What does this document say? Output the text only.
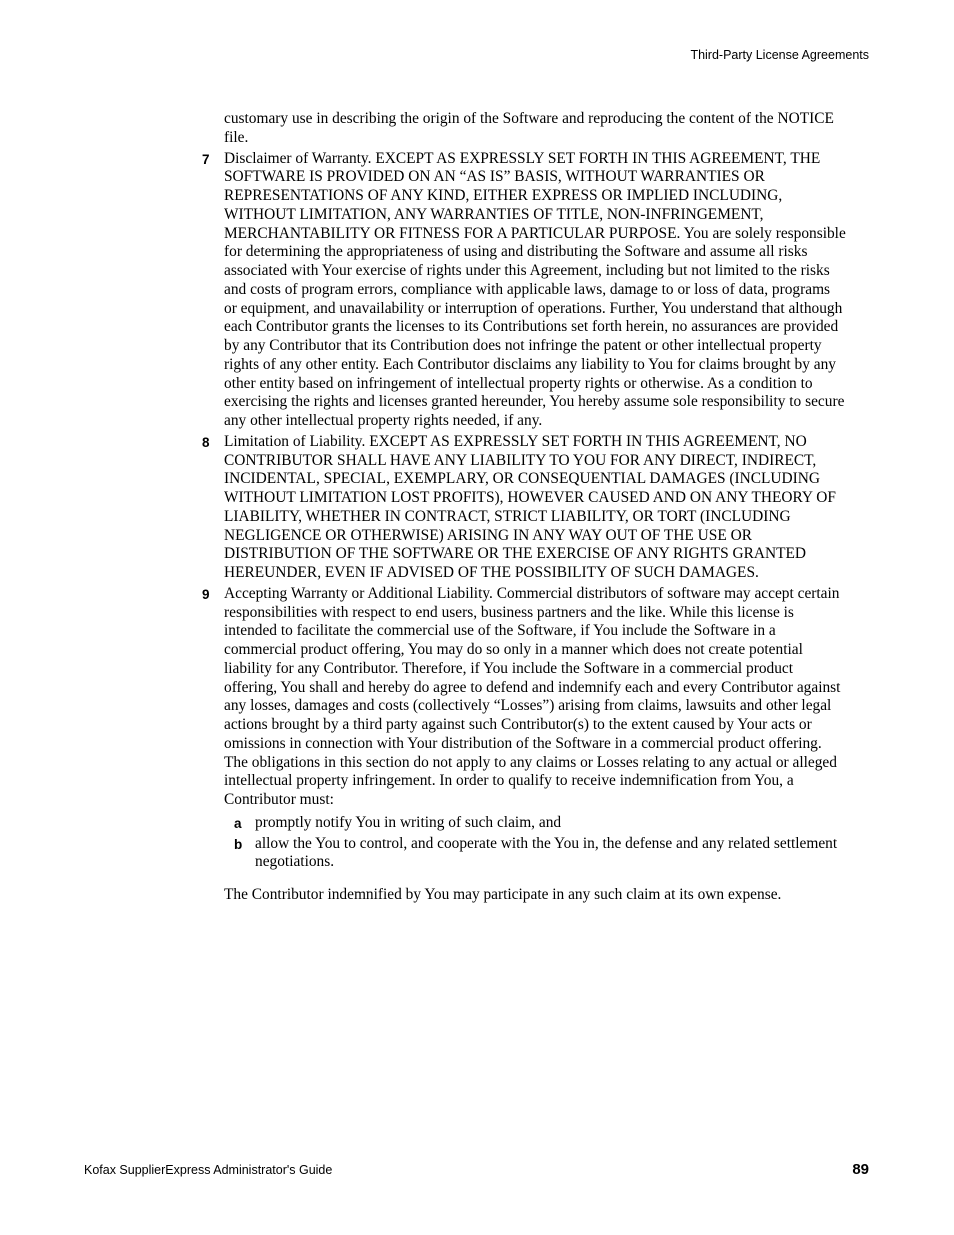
Third-Party License Agreements

customary use in describing the origin of the Software and reproducing the content of the NOTICE file.

7 Disclaimer of Warranty. EXCEPT AS EXPRESSLY SET FORTH IN THIS AGREEMENT, THE SOFTWARE IS PROVIDED ON AN “AS IS” BASIS, WITHOUT WARRANTIES OR REPRESENTATIONS OF ANY KIND, EITHER EXPRESS OR IMPLIED INCLUDING, WITHOUT LIMITATION, ANY WARRANTIES OF TITLE, NON-INFRINGEMENT, MERCHANTABILITY OR FITNESS FOR A PARTICULAR PURPOSE. You are solely responsible for determining the appropriateness of using and distributing the Software and assume all risks associated with Your exercise of rights under this Agreement, including but not limited to the risks and costs of program errors, compliance with applicable laws, damage to or loss of data, programs or equipment, and unavailability or interruption of operations. Further, You understand that although each Contributor grants the licenses to its Contributions set forth herein, no assurances are provided by any Contributor that its Contribution does not infringe the patent or other intellectual property rights of any other entity. Each Contributor disclaims any liability to You for claims brought by any other entity based on infringement of intellectual property rights or otherwise. As a condition to exercising the rights and licenses granted hereunder, You hereby assume sole responsibility to secure any other intellectual property rights needed, if any.
8 Limitation of Liability. EXCEPT AS EXPRESSLY SET FORTH IN THIS AGREEMENT, NO CONTRIBUTOR SHALL HAVE ANY LIABILITY TO YOU FOR ANY DIRECT, INDIRECT, INCIDENTAL, SPECIAL, EXEMPLARY, OR CONSEQUENTIAL DAMAGES (INCLUDING WITHOUT LIMITATION LOST PROFITS), HOWEVER CAUSED AND ON ANY THEORY OF LIABILITY, WHETHER IN CONTRACT, STRICT LIABILITY, OR TORT (INCLUDING NEGLIGENCE OR OTHERWISE) ARISING IN ANY WAY OUT OF THE USE OR DISTRIBUTION OF THE SOFTWARE OR THE EXERCISE OF ANY RIGHTS GRANTED HEREUNDER, EVEN IF ADVISED OF THE POSSIBILITY OF SUCH DAMAGES.
9 Accepting Warranty or Additional Liability. Commercial distributors of software may accept certain responsibilities with respect to end users, business partners and the like. While this license is intended to facilitate the commercial use of the Software, if You include the Software in a commercial product offering, You may do so only in a manner which does not create potential liability for any Contributor. Therefore, if You include the Software in a commercial product offering, You shall and hereby do agree to defend and indemnify each and every Contributor against any losses, damages and costs (collectively “Losses”) arising from claims, lawsuits and other legal actions brought by a third party against such Contributor(s) to the extent caused by Your acts or omissions in connection with Your distribution of the Software in a commercial product offering. The obligations in this section do not apply to any claims or Losses relating to any actual or alleged intellectual property infringement. In order to qualify to receive indemnification from You, a Contributor must:
a promptly notify You in writing of such claim, and
b allow the You to control, and cooperate with the You in, the defense and any related settlement negotiations.

The Contributor indemnified by You may participate in any such claim at its own expense.

Kofax SupplierExpress Administrator's Guide	89
